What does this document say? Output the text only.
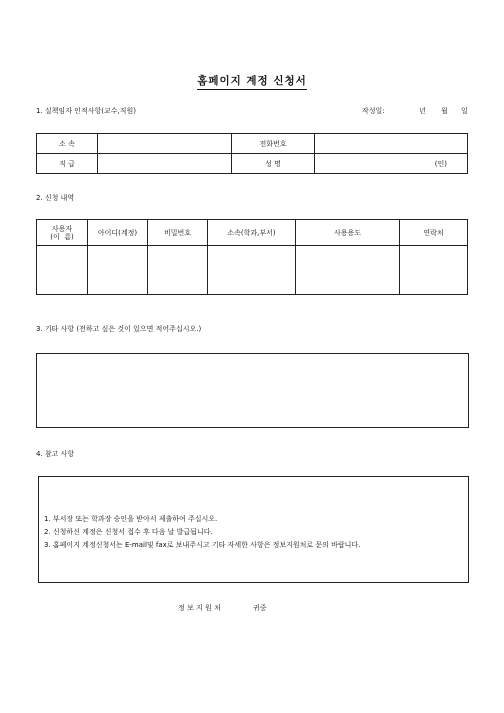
홈페이지 계정 신청서
1. 실책임자 인적사항(교수,직원)	작성일:	년 월 일
소 속		전화번호	
직 급		성 명	(인)
2. 신청 내역
사용자
(이  름)	아이디(계정)	비밀번호	소속(학과,부서)	사용용도	연락처

3. 기타 사항 (전하고 싶은 것이 있으면 적어주십시오.)
4. 참고 사항
1. 부서장 또는 학과장 승인을 받아서 제출하여 주십시오.
2. 신청하신 계정은 신청서 접수 후 다음 날 발급됩니다.
3. 홈페이지 계정신청서는 E-mail및 fax로 보내주시고 기타 자세한 사항은 정보지원처로 문의 바랍니다.
정 보 지 원 처	귀중
